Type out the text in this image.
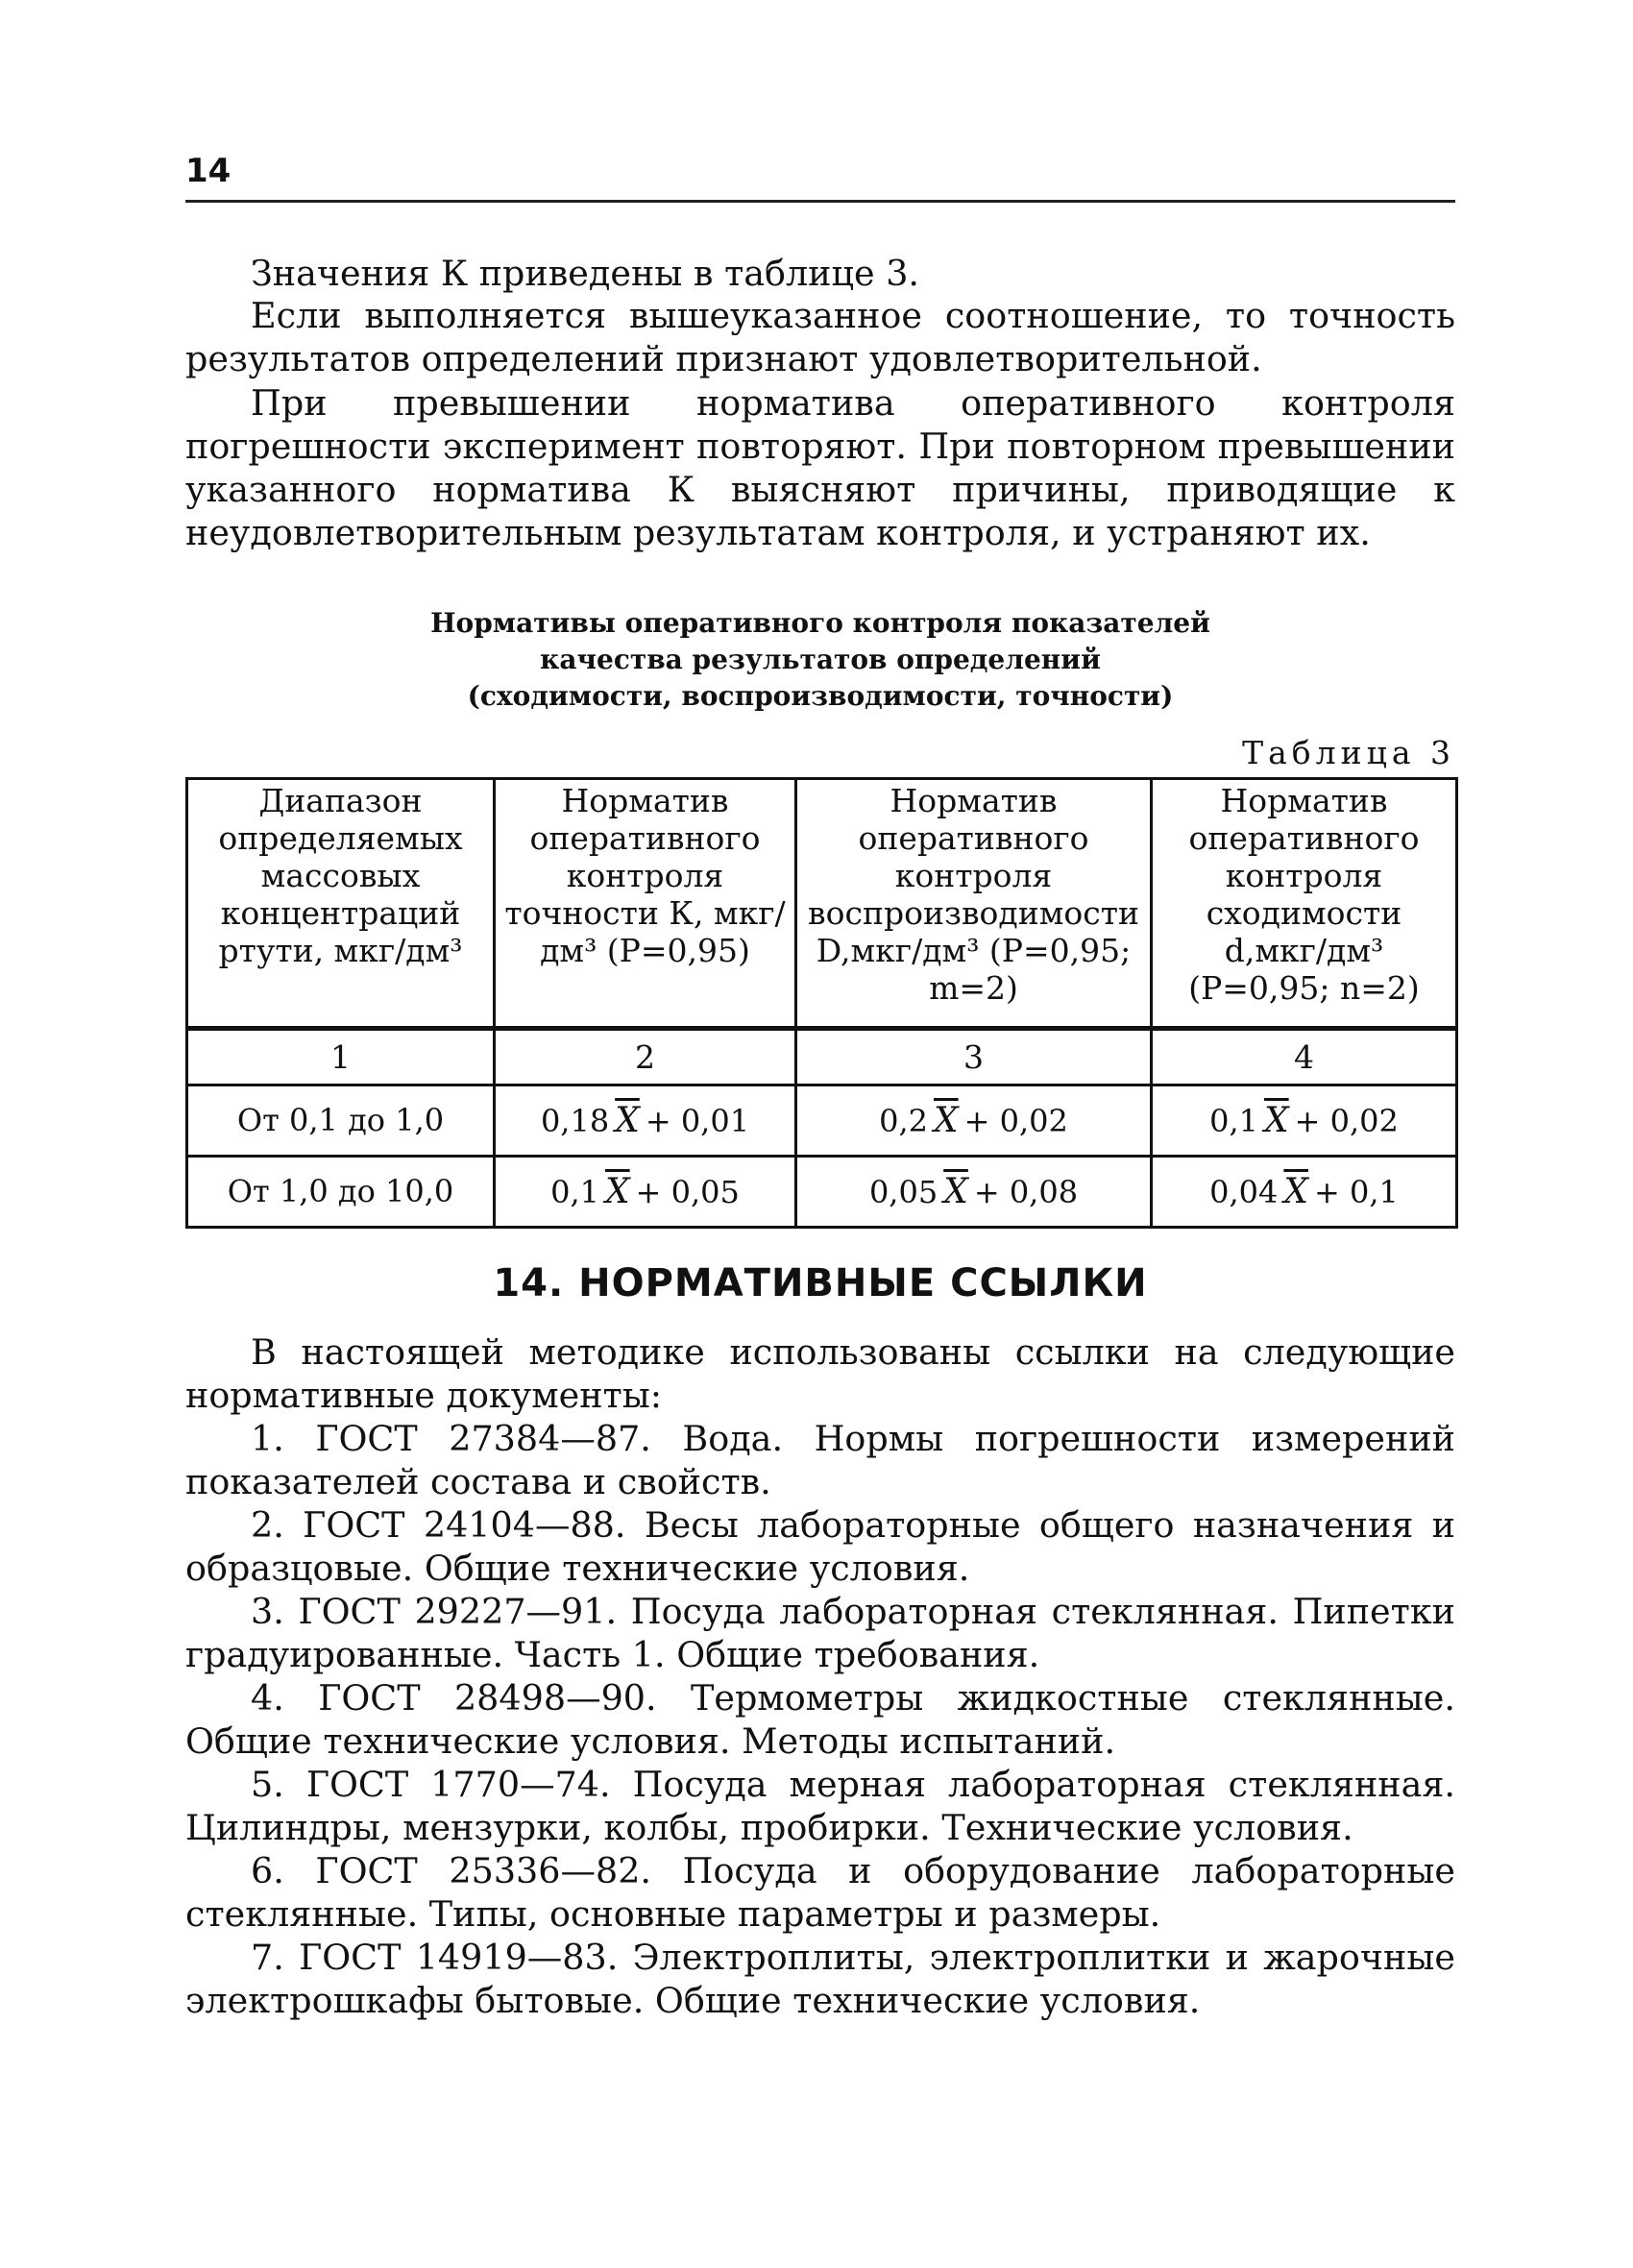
14

Значения К приведены в таблице 3.

Если выполняется вышеуказанное соотношение, то точность результатов определений признают удовлетворительной.

При превышении норматива оперативного контроля погрешности эксперимент повторяют. При повторном превышении указанного норматива К выясняют причины, приводящие к неудовлетворительным результатам контроля, и устраняют их.

Нормативы оперативного контроля показателей
качества результатов определений
(сходимости, воспроизводимости, точности)
Таблица 3
Диапазон определяемых массовых концентраций ртути, мкг/дм³	Норматив оперативного контроля точности К, мкг/дм³ (Р=0,95)	Норматив оперативного контроля воспроизводимости D,мкг/дм³ (Р=0,95; m=2)	Норматив оперативного контроля сходимости d,мкг/дм³ (Р=0,95; n=2)
1	2	3	4
От 0,1 до 1,0	0,18 $\overline{X} + 0,01$	0,2 $\overline{X} + 0,02$	0,1 $\overline{X} + 0,02$
От 1,0 до 10,0	0,1 $\overline{X} + 0,05$	0,05 $\overline{X} + 0,08$	0,04 $\overline{X} + 0,1$
14. НОРМАТИВНЫЕ ССЫЛКИ

В настоящей методике использованы ссылки на следующие нормативные документы:

1. ГОСТ 27384—87. Вода. Нормы погрешности измерений показателей состава и свойств.

2. ГОСТ 24104—88. Весы лабораторные общего назначения и образцовые. Общие технические условия.

3. ГОСТ 29227—91. Посуда лабораторная стеклянная. Пипетки градуированные. Часть 1. Общие требования.

4. ГОСТ 28498—90. Термометры жидкостные стеклянные. Общие технические условия. Методы испытаний.

5. ГОСТ 1770—74. Посуда мерная лабораторная стеклянная. Цилиндры, мензурки, колбы, пробирки. Технические условия.

6. ГОСТ 25336—82. Посуда и оборудование лабораторные стеклянные. Типы, основные параметры и размеры.

7. ГОСТ 14919—83. Электроплиты, электроплитки и жарочные электрошкафы бытовые. Общие технические условия.
